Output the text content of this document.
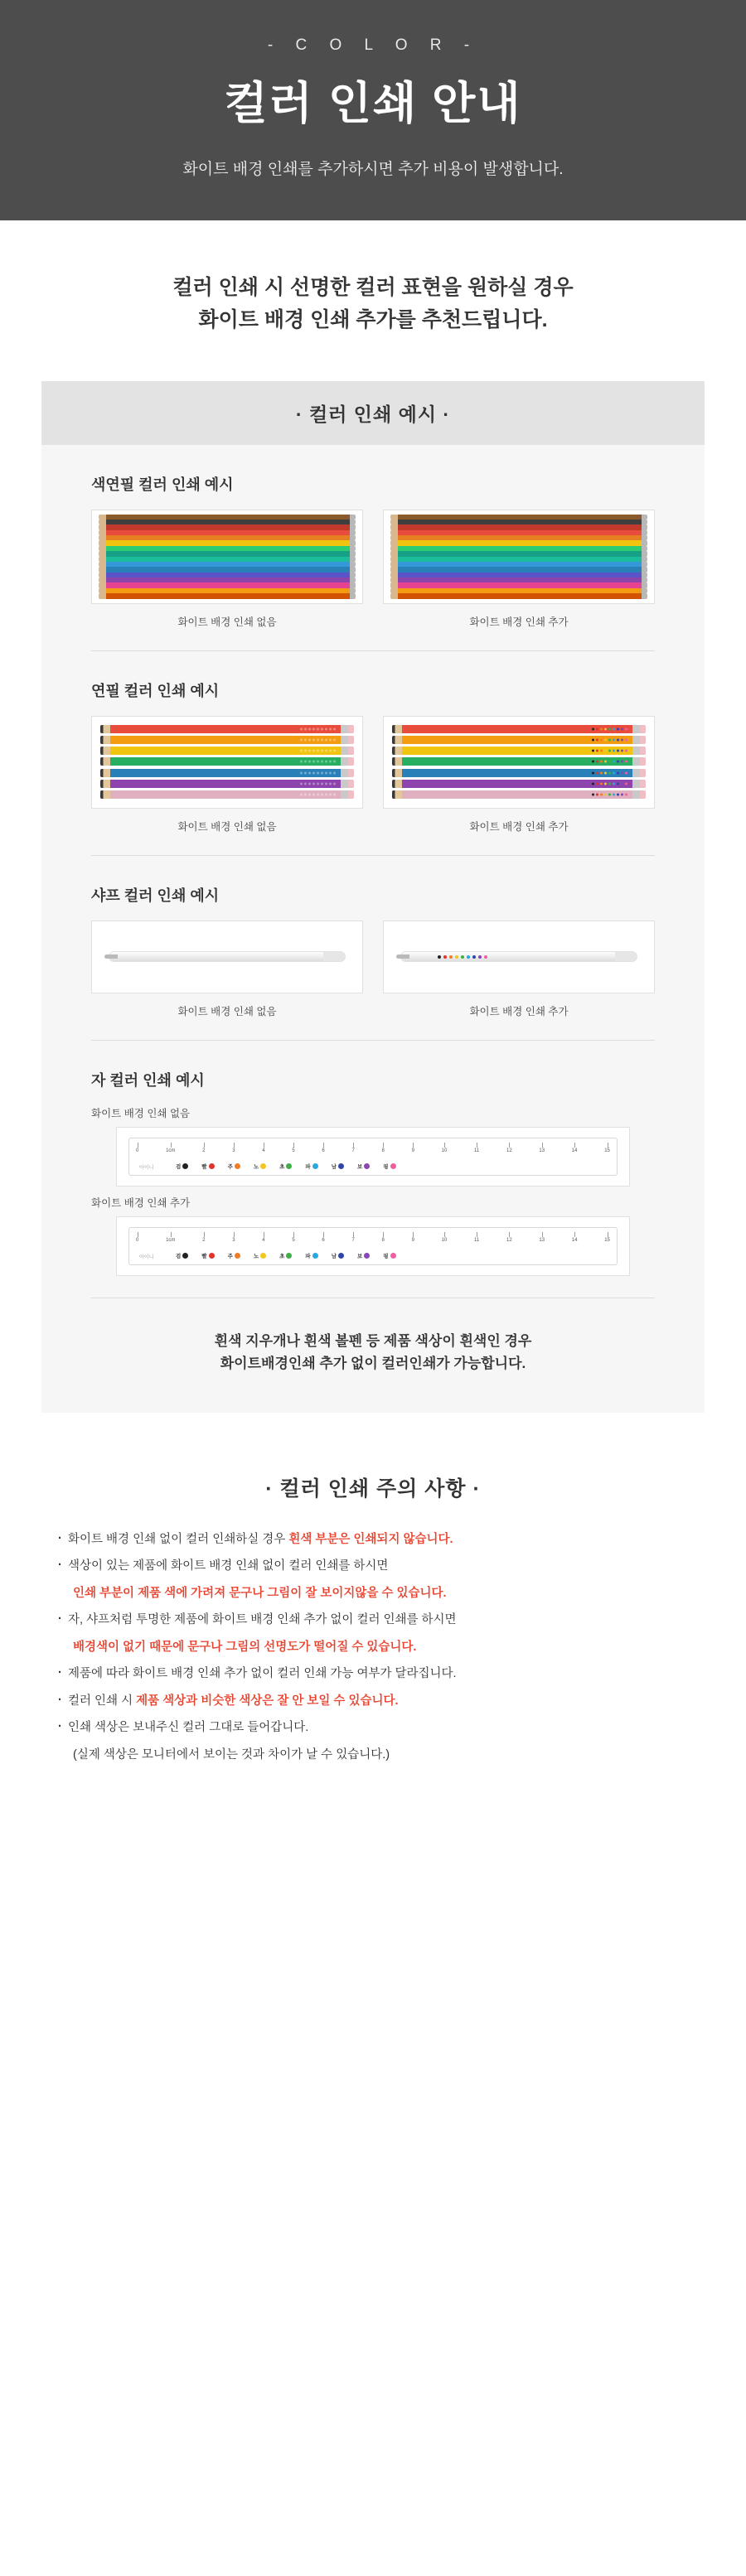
- C O L O R -
컬러 인쇄 안내
화이트 배경 인쇄를 추가하시면 추가 비용이 발생합니다.
컬러 인쇄 시 선명한 컬러 표현을 원하실 경우
화이트 배경 인쇄 추가를 추천드립니다.
· 컬러 인쇄 예시 ·
색연필 컬러 인쇄 예시
화이트 배경 인쇄 없음	화이트 배경 인쇄 추가
연필 컬러 인쇄 예시
화이트 배경 인쇄 없음	화이트 배경 인쇄 추가
샤프 컬러 인쇄 예시
화이트 배경 인쇄 없음	화이트 배경 인쇄 추가
자 컬러 인쇄 예시
화이트 배경 인쇄 없음
0	1cm	2	3	4	5	6	7	8	9	10	11	12	13	14	15
아이니	검	빨	주	노	초	파	남	보	핑
화이트 배경 인쇄 추가
0	1cm	2	3	4	5	6	7	8	9	10	11	12	13	14	15
아이니	검	빨	주	노	초	파	남	보	핑
흰색 지우개나 흰색 볼펜 등 제품 색상이 흰색인 경우
화이트배경인쇄 추가 없이 컬러인쇄가 가능합니다.
· 컬러 인쇄 주의 사항 ·
· 화이트 배경 인쇄 없이 컬러 인쇄하실 경우 흰색 부분은 인쇄되지 않습니다.
· 색상이 있는 제품에 화이트 배경 인쇄 없이 컬러 인쇄를 하시면
인쇄 부분이 제품 색에 가려져 문구나 그림이 잘 보이지않을 수 있습니다.
· 자, 샤프처럼 투명한 제품에 화이트 배경 인쇄 추가 없이 컬러 인쇄를 하시면
배경색이 없기 때문에 문구나 그림의 선명도가 떨어질 수 있습니다.
· 제품에 따라 화이트 배경 인쇄 추가 없이 컬러 인쇄 가능 여부가 달라집니다.
· 컬러 인쇄 시 제품 색상과 비슷한 색상은 잘 안 보일 수 있습니다.
· 인쇄 색상은 보내주신 컬러 그대로 들어갑니다.
(실제 색상은 모니터에서 보이는 것과 차이가 날 수 있습니다.)
